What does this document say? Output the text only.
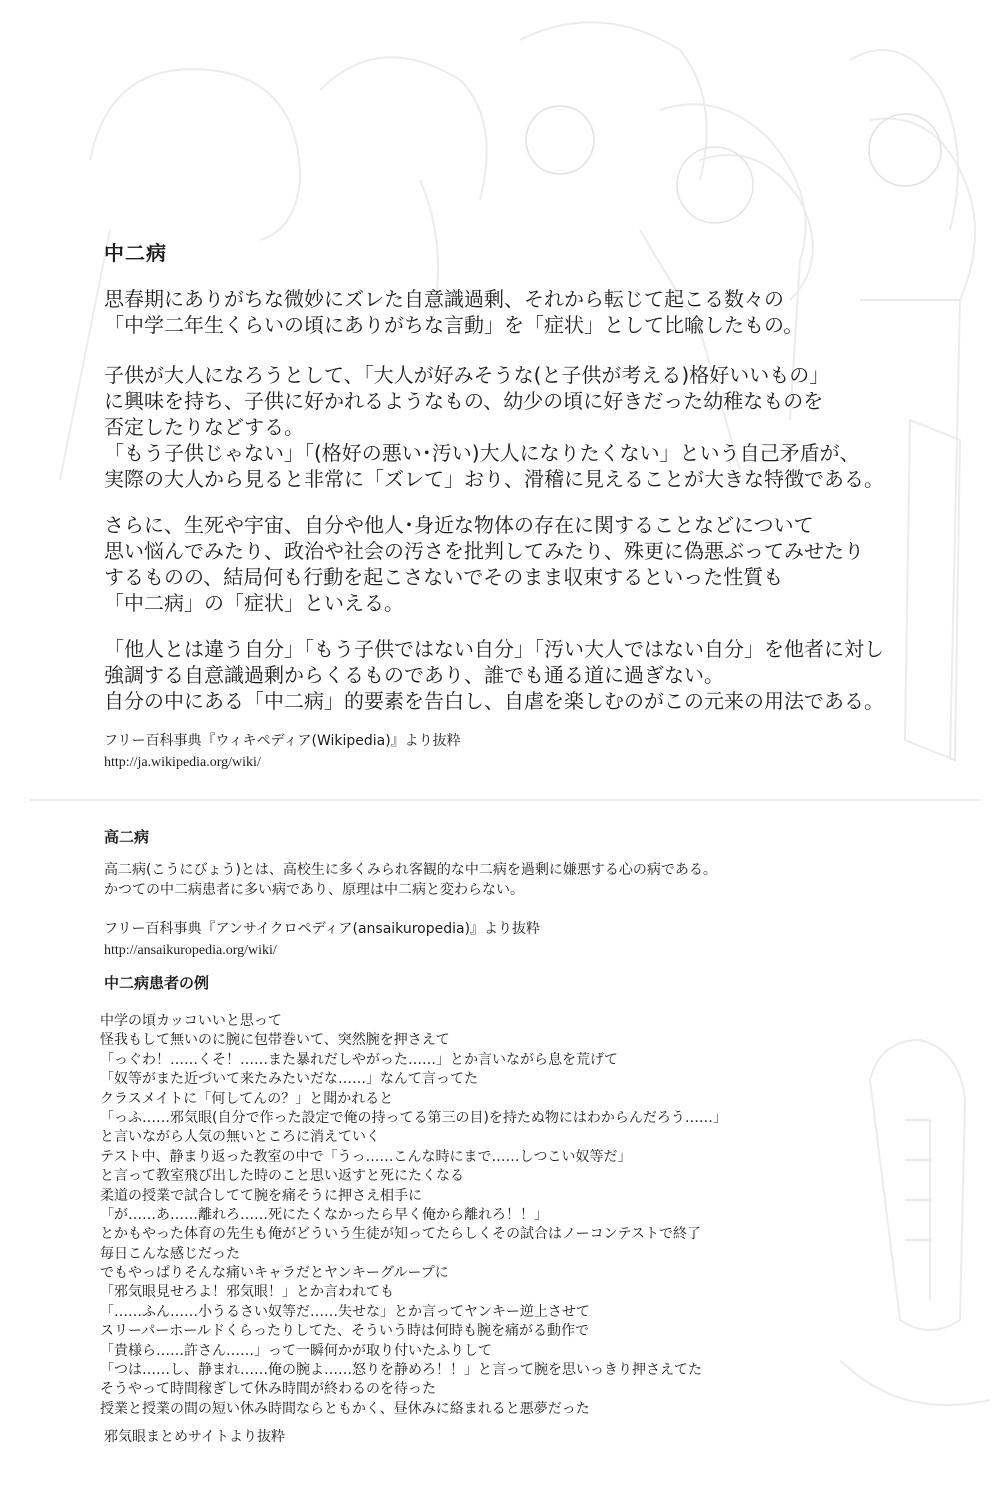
中二病
思春期にありがちな微妙にズレた自意識過剰、それから転じて起こる数々の
「中学二年生くらいの頃にありがちな言動」を「症状」として比喩したもの。
子供が大人になろうとして、「大人が好みそうな(と子供が考える)格好いいもの」
に興味を持ち、子供に好かれるようなもの、幼少の頃に好きだった幼稚なものを
否定したりなどする。
「もう子供じゃない」「(格好の悪い･汚い)大人になりたくない」という自己矛盾が、
実際の大人から見ると非常に「ズレて」おり、滑稽に見えることが大きな特徴である。
さらに、生死や宇宙、自分や他人･身近な物体の存在に関することなどについて
思い悩んでみたり、政治や社会の汚さを批判してみたり、殊更に偽悪ぶってみせたり
するものの、結局何も行動を起こさないでそのまま収束するといった性質も
「中二病」の「症状」といえる。
「他人とは違う自分」「もう子供ではない自分」「汚い大人ではない自分」を他者に対し
強調する自意識過剰からくるものであり、誰でも通る道に過ぎない。
自分の中にある「中二病」的要素を告白し、自虐を楽しむのがこの元来の用法である。
フリー百科事典『ウィキペディア(Wikipedia)』より抜粋
http://ja.wikipedia.org/wiki/
高二病
高二病(こうにびょう)とは、高校生に多くみられ客観的な中二病を過剰に嫌悪する心の病である。
かつての中二病患者に多い病であり、原理は中二病と変わらない。
フリー百科事典『アンサイクロペディア(ansaikuropedia)』より抜粋
http://ansaikuropedia.org/wiki/
中二病患者の例
中学の頃カッコいいと思って
怪我もして無いのに腕に包帯巻いて、突然腕を押さえて
「っぐわ！……くそ！……また暴れだしやがった……」とか言いながら息を荒げて
「奴等がまた近づいて来たみたいだな……」なんて言ってた
クラスメイトに「何してんの？」と聞かれると
「っふ……邪気眼(自分で作った設定で俺の持ってる第三の目)を持たぬ物にはわからんだろう……」
と言いながら人気の無いところに消えていく
テスト中、静まり返った教室の中で「うっ……こんな時にまで……しつこい奴等だ」
と言って教室飛び出した時のこと思い返すと死にたくなる
柔道の授業で試合してて腕を痛そうに押さえ相手に
「が……あ……離れろ……死にたくなかったら早く俺から離れろ！！」
とかもやった体育の先生も俺がどういう生徒が知ってたらしくその試合はノーコンテストで終了
毎日こんな感じだった
でもやっぱりそんな痛いキャラだとヤンキーグループに
「邪気眼見せろよ！邪気眼！」とか言われても
「……ふん……小うるさい奴等だ……失せな」とか言ってヤンキー逆上させて
スリーパーホールドくらったりしてた、そういう時は何時も腕を痛がる動作で
「貴様ら……許さん……」って一瞬何かが取り付いたふりして
「つは……し、静まれ……俺の腕よ……怒りを静めろ！！」と言って腕を思いっきり押さえてた
そうやって時間稼ぎして休み時間が終わるのを待った
授業と授業の間の短い休み時間ならともかく、昼休みに絡まれると悪夢だった
邪気眼まとめサイトより抜粋
